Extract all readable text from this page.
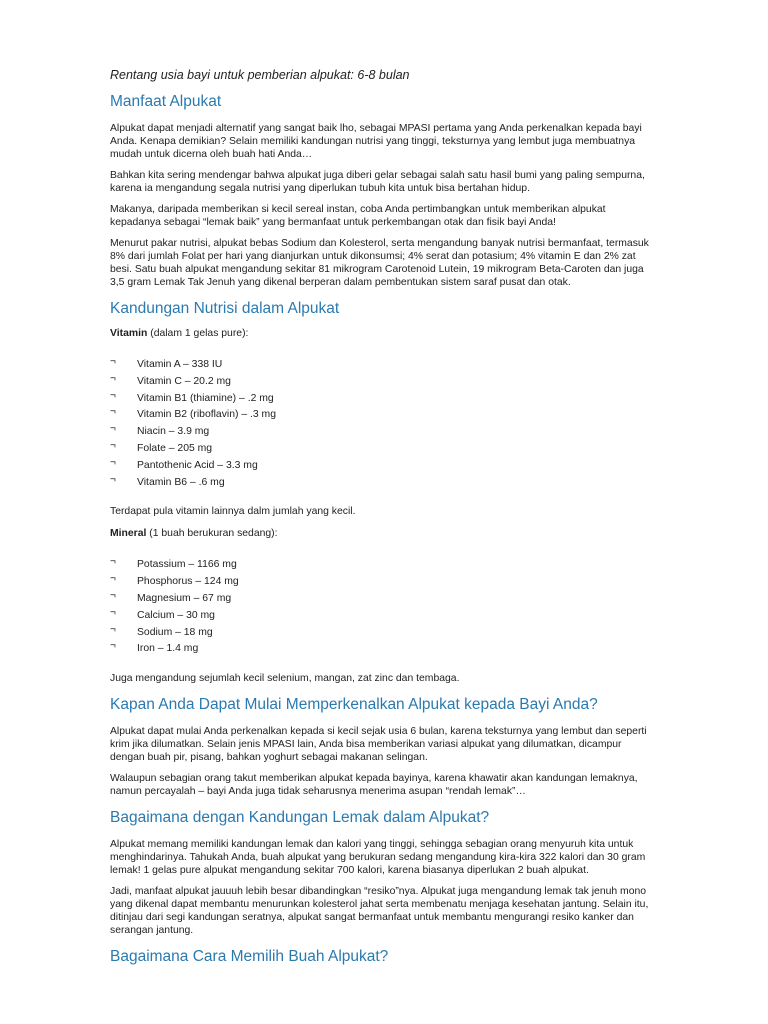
Rentang usia bayi untuk pemberian alpukat: 6-8 bulan
Manfaat Alpukat

Alpukat dapat menjadi alternatif yang sangat baik lho, sebagai MPASI pertama yang Anda perkenalkan kepada bayi Anda. Kenapa demikian? Selain memiliki kandungan nutrisi yang tinggi, teksturnya yang lembut juga membuatnya mudah untuk dicerna oleh buah hati Anda…

Bahkan kita sering mendengar bahwa alpukat juga diberi gelar sebagai salah satu hasil bumi yang paling sempurna, karena ia mengandung segala nutrisi yang diperlukan tubuh kita untuk bisa bertahan hidup.

Makanya, daripada memberikan si kecil sereal instan, coba Anda pertimbangkan untuk memberikan alpukat kepadanya sebagai “lemak baik” yang bermanfaat untuk perkembangan otak dan fisik bayi Anda!

Menurut pakar nutrisi, alpukat bebas Sodium dan Kolesterol, serta mengandung banyak nutrisi bermanfaat, termasuk 8% dari jumlah Folat per hari yang dianjurkan untuk dikonsumsi; 4% serat dan potasium; 4% vitamin E dan 2% zat besi. Satu buah alpukat mengandung sekitar 81 mikrogram Carotenoid Lutein, 19 mikrogram Beta-Caroten dan juga 3,5 gram Lemak Tak Jenuh yang dikenal berperan dalam pembentukan sistem saraf pusat dan otak.

Kandungan Nutrisi dalam Alpukat
Vitamin (dalam 1 gelas pure):
¬ Vitamin A – 338 IU
¬ Vitamin C – 20.2 mg
¬ Vitamin B1 (thiamine) – .2 mg
¬ Vitamin B2 (riboflavin) – .3 mg
¬ Niacin – 3.9 mg
¬ Folate – 205 mg
¬ Pantothenic Acid – 3.3 mg
¬ Vitamin B6 – .6 mg

Terdapat pula vitamin lainnya dalm jumlah yang kecil.

Mineral (1 buah berukuran sedang):
¬ Potassium – 1166 mg
¬ Phosphorus – 124 mg
¬ Magnesium – 67 mg
¬ Calcium – 30 mg
¬ Sodium – 18 mg
¬ Iron – 1.4 mg

Juga mengandung sejumlah kecil selenium, mangan, zat zinc dan tembaga.

Kapan Anda Dapat Mulai Memperkenalkan Alpukat kepada Bayi Anda?

Alpukat dapat mulai Anda perkenalkan kepada si kecil sejak usia 6 bulan, karena teksturnya yang lembut dan seperti krim jika dilumatkan. Selain jenis MPASI lain, Anda bisa memberikan variasi alpukat yang dilumatkan, dicampur dengan buah pir, pisang, bahkan yoghurt sebagai makanan selingan.

Walaupun sebagian orang takut memberikan alpukat kepada bayinya, karena khawatir akan kandungan lemaknya, namun percayalah – bayi Anda juga tidak seharusnya menerima asupan “rendah lemak”…

Bagaimana dengan Kandungan Lemak dalam Alpukat?

Alpukat memang memiliki kandungan lemak dan kalori yang tinggi, sehingga sebagian orang menyuruh kita untuk menghindarinya. Tahukah Anda, buah alpukat yang berukuran sedang mengandung kira-kira 322 kalori dan 30 gram lemak! 1 gelas pure alpukat mengandung sekitar 700 kalori, karena biasanya diperlukan 2 buah alpukat.

Jadi, manfaat alpukat jauuuh lebih besar dibandingkan “resiko”nya. Alpukat juga mengandung lemak tak jenuh mono yang dikenal dapat membantu menurunkan kolesterol jahat serta membenatu menjaga kesehatan jantung. Selain itu, ditinjau dari segi kandungan seratnya, alpukat sangat bermanfaat untuk membantu mengurangi resiko kanker dan serangan jantung.

Bagaimana Cara Memilih Buah Alpukat?
